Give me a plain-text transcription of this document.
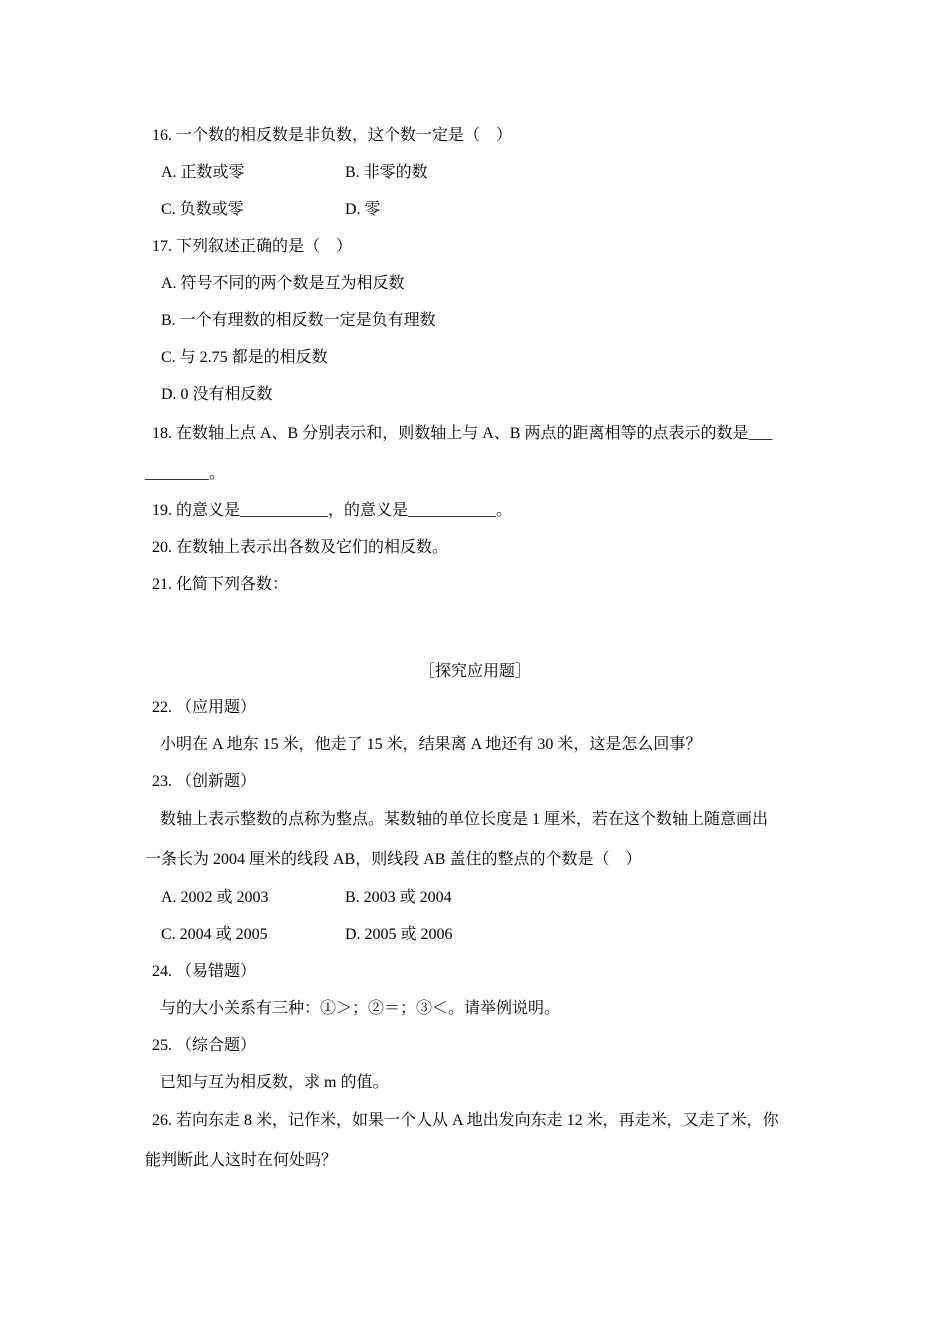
16. 一个数的相反数是非负数，这个数一定是（　）
A. 正数或零	B. 非零的数
C. 负数或零	D. 零
17. 下列叙述正确的是（　）
A. 符号不同的两个数是互为相反数
B. 一个有理数的相反数一定是负有理数
C. 与 2.75 都是的相反数
D. 0 没有相反数
18. 在数轴上点 A、B 分别表示和，则数轴上与 A、B 两点的距离相等的点表示的数是___
________。
19. 的意义是___________，的意义是___________。
20. 在数轴上表示出各数及它们的相反数。
21. 化简下列各数：
［探究应用题］
22. （应用题）
小明在 A 地东 15 米，他走了 15 米，结果离 A 地还有 30 米，这是怎么回事？
23. （创新题）
数轴上表示整数的点称为整点。某数轴的单位长度是 1 厘米，若在这个数轴上随意画出
一条长为 2004 厘米的线段 AB，则线段 AB 盖住的整点的个数是（　）
A. 2002 或 2003	B. 2003 或 2004
C. 2004 或 2005	D. 2005 或 2006
24. （易错题）
与的大小关系有三种：①＞；②＝；③＜。请举例说明。
25. （综合题）
已知与互为相反数，求 m 的值。
26. 若向东走 8 米，记作米，如果一个人从 A 地出发向东走 12 米，再走米，又走了米，你
能判断此人这时在何处吗？
